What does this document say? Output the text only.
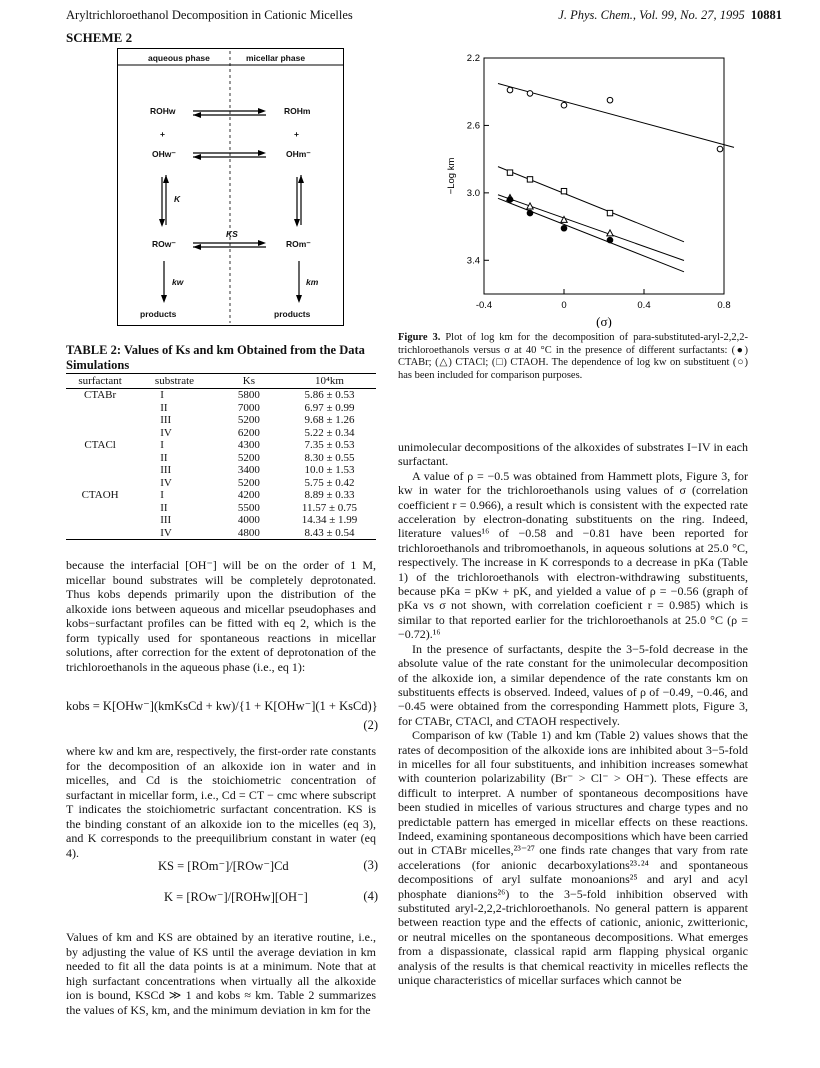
Aryltrichloroethanol Decomposition in Cationic Micelles	J. Phys. Chem., Vol. 99, No. 27, 1995 10881
SCHEME 2
aqueous phase	micellar phase
ROHw	ROHm
+	+
OHw⁻	OHm⁻
K
KS
ROw⁻	ROm⁻
kw	km
products	products
TABLE 2: Values of Ks and km Obtained from the Data Simulations
surfactant	substrate	Ks	10⁴km
CTABr	I	5800	5.86 ± 0.53
	II	7000	6.97 ± 0.99
	III	5200	9.68 ± 1.26
	IV	6200	5.22 ± 0.34
CTACl	I	4300	7.35 ± 0.53
	II	5200	8.30 ± 0.55
	III	3400	10.0 ± 1.53
	IV	5200	5.75 ± 0.42
CTAOH	I	4200	8.89 ± 0.33
	II	5500	11.57 ± 0.75
	III	4000	14.34 ± 1.99
	IV	4800	8.43 ± 0.54

because the interfacial [OH⁻] will be on the order of 1 M, micellar bound substrates will be completely deprotonated. Thus kobs depends primarily upon the distribution of the alkoxide ions between aqueous and micellar pseudophases and kobs−surfactant profiles can be fitted with eq 2, which is the form typically used for spontaneous reactions in micellar solutions, after correction for the extent of deprotonation of the trichloroethanols in the aqueous phase (i.e., eq 1):

kobs = K[OHw⁻](kmKsCd + kw)/{1 + K[OHw⁻](1 + KsCd)}
(2)

where kw and km are, respectively, the first-order rate constants for the decomposition of an alkoxide ion in water and in micelles, and Cd is the stoichiometric concentration of surfactant in micellar form, i.e., Cd = CT − cmc where subscript T indicates the stoichiometric surfactant concentration. KS is the binding constant of an alkoxide ion to the micelles (eq 3), and K corresponds to the preequilibrium constant in water (eq 4).

KS = [ROm⁻]/[ROw⁻]Cd	(3)
K = [ROw⁻]/[ROHw][OH⁻]	(4)

Values of km and KS are obtained by an iterative routine, i.e., by adjusting the value of KS until the average deviation in km needed to fit all the data points is at a minimum. Note that at high surfactant concentrations when virtually all the alkoxide ion is bound, KSCd ≫ 1 and kobs ≈ km. Table 2 summarizes the values of KS, km, and the minimum deviation in km for the

-0.4	0	0.4	0.8
2.2
2.6
3.0
3.4
−Log km
(σ)
Figure 3. Plot of log km for the decomposition of para-substituted-aryl-2,2,2-trichloroethanols versus σ at 40 °C in the presence of different surfactants: (●) CTABr; (△) CTACl; (□) CTAOH. The dependence of log kw on substituent (○) has been included for comparison purposes.

unimolecular decompositions of the alkoxides of substrates I−IV in each surfactant.

A value of ρ = −0.5 was obtained from Hammett plots, Figure 3, for kw in water for the trichloroethanols using values of σ (correlation coefficient r = 0.966), a result which is consistent with the expected rate acceleration by electron-donating substituents on the ring. Indeed, literature values¹⁶ of −0.58 and −0.81 have been reported for trichloroethanols and tribromoethanols, in aqueous solutions at 25.0 °C, respectively. The increase in K corresponds to a decrease in pKa (Table 1) of the trichloroethanols with electron-withdrawing substituents, because pKa = pKw + pK, and yielded a value of ρ = −0.56 (graph of pKa vs σ not shown, with correlation coeficient r = 0.985) which is similar to that reported earlier for the trichloroethanols at 25.0 °C (ρ = −0.72).¹⁶

In the presence of surfactants, despite the 3−5-fold decrease in the absolute value of the rate constant for the unimolecular decomposition of the alkoxide ion, a similar dependence of the rate constants km on substituents effects is observed. Indeed, values of ρ of −0.49, −0.46, and −0.45 were obtained from the corresponding Hammett plots, Figure 3, for CTABr, CTACl, and CTAOH respectively.

Comparison of kw (Table 1) and km (Table 2) values shows that the rates of decomposition of the alkoxide ions are inhibited about 3−5-fold in micelles for all four substituents, and inhibition increases somewhat with counterion polarizability (Br⁻ > Cl⁻ > OH⁻). These effects are difficult to interpret. A number of spontaneous decompositions have been studied in micelles of various structures and charge types and no predictable pattern has emerged in micellar effects on these reactions. Indeed, examining spontaneous decompositions which have been carried out in CTABr micelles,²³⁻²⁷ one finds rate changes that vary from rate accelerations (for anionic decarboxylations²³·²⁴ and spontaneous decompositions of aryl sulfate monoanions²⁵ and aryl and acyl phosphate dianions²⁶) to the 3−5-fold inhibition observed with substituted aryl-2,2,2-trichloroethanols. No general pattern is apparent between reaction type and the effects of cationic, anionic, zwitterionic, or neutral micelles on the spontaneous decompositions. What emerges from a dispassionate, classical rapid arm flapping physical organic analysis of the results is that chemical reactivity in micelles reflects the unique characteristics of micellar surfaces which cannot be
